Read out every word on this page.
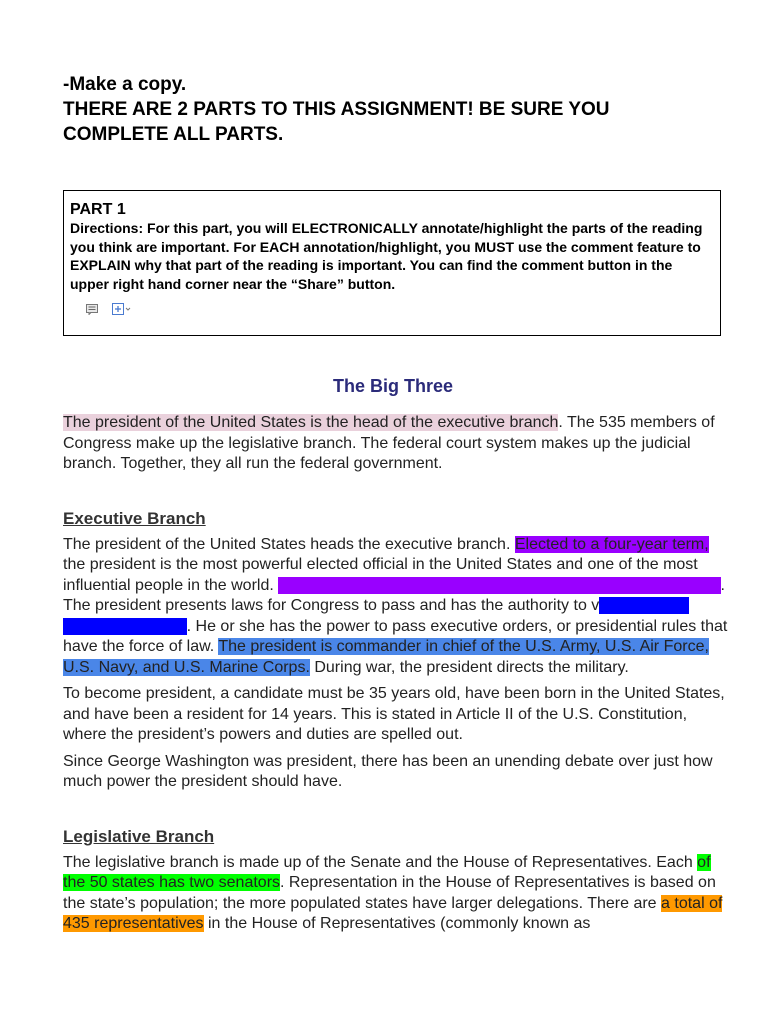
-Make a copy.

THERE ARE 2 PARTS TO THIS ASSIGNMENT! BE SURE YOU

COMPLETE ALL PARTS.

PART 1

Directions: For this part, you will ELECTRONICALLY annotate/highlight the parts of the reading you think are important. For EACH annotation/highlight, you MUST use the comment feature to EXPLAIN why that part of the reading is important. You can find the comment button in the upper right hand corner near the “Share” button.

The Big Three

The president of the United States is the head of the executive branch. The 535 members of Congress make up the legislative branch. The federal court system makes up the judicial branch. Together, they all run the federal government.

Executive Branch

The president of the United States heads the executive branch. Elected to a four-year term, the president is the most powerful elected official in the United States and one of the most influential people in the world.	. The president presents laws for Congress to pass and has the authority to v. He or she has the power to pass executive orders, or presidential rules that have the force of law. The president is commander in chief of the U.S. Army, U.S. Air Force, U.S. Navy, and U.S. Marine Corps. During war, the president directs the military.

To become president, a candidate must be 35 years old, have been born in the United States, and have been a resident for 14 years. This is stated in Article II of the U.S. Constitution, where the president’s powers and duties are spelled out.

Since George Washington was president, there has been an unending debate over just how much power the president should have.

Legislative Branch

The legislative branch is made up of the Senate and the House of Representatives. Each of the 50 states has two senators. Representation in the House of Representatives is based on the state’s population; the more populated states have larger delegations. There are a total of 435 representatives in the House of Representatives (commonly known as
